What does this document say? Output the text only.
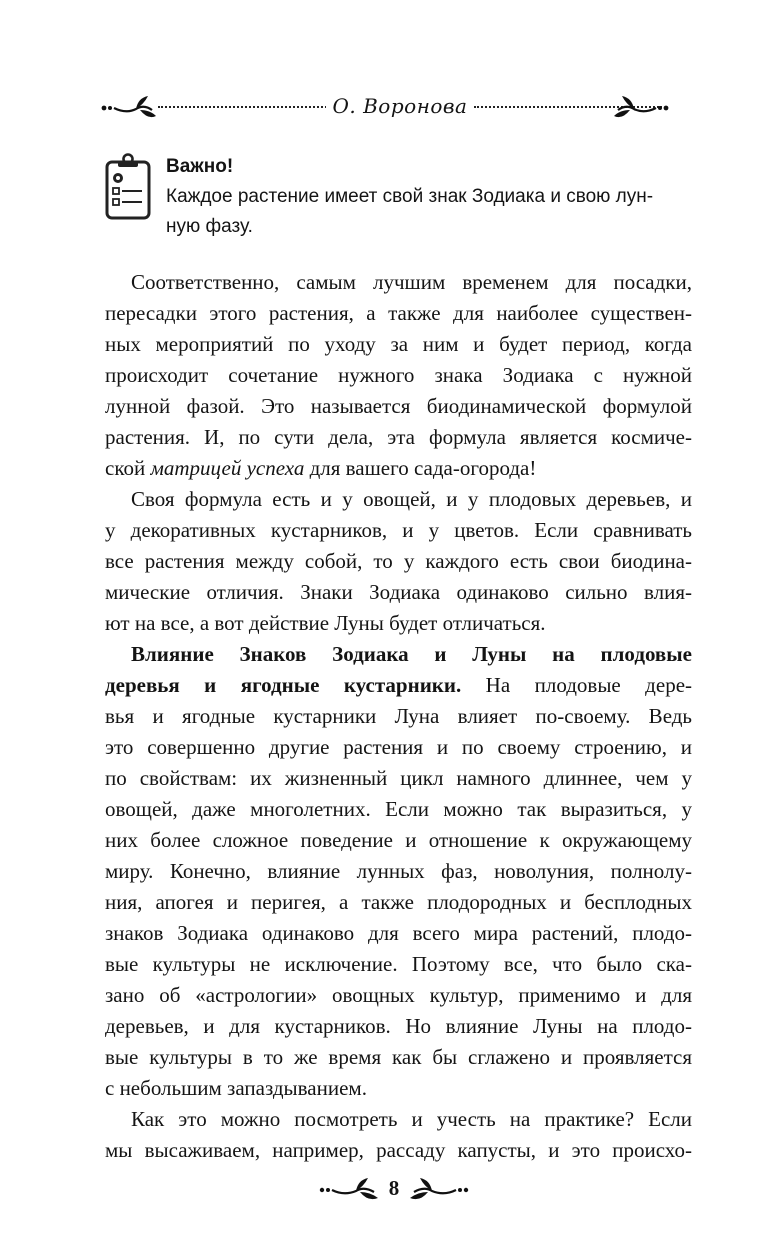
О. Воронова
Важно!
Каждое растение имеет свой знак Зодиака и свою лун-
ную фазу.
Соответственно, самым лучшим временем для посадки,
пересадки этого растения, а также для наиболее существен-
ных мероприятий по уходу за ним и будет период, когда
происходит сочетание нужного знака Зодиака с нужной
лунной фазой. Это называется биодинамической формулой
растения. И, по сути дела, эта формула является космиче-
ской матрицей успеха для вашего сада-огорода!
Своя формула есть и у овощей, и у плодовых деревьев, и
у декоративных кустарников, и у цветов. Если сравнивать
все растения между собой, то у каждого есть свои биодина-
мические отличия. Знаки Зодиака одинаково сильно влия-
ют на все, а вот действие Луны будет отличаться.
Влияние Знаков Зодиака и Луны на плодовые
деревья и ягодные кустарники. На плодовые дере-
вья и ягодные кустарники Луна влияет по-своему. Ведь
это совершенно другие растения и по своему строению, и
по свойствам: их жизненный цикл намного длиннее, чем у
овощей, даже многолетних. Если можно так выразиться, у
них более сложное поведение и отношение к окружающему
миру. Конечно, влияние лунных фаз, новолуния, полнолу-
ния, апогея и перигея, а также плодородных и бесплодных
знаков Зодиака одинаково для всего мира растений, плодо-
вые культуры не исключение. Поэтому все, что было ска-
зано об «астрологии» овощных культур, применимо и для
деревьев, и для кустарников. Но влияние Луны на плодо-
вые культуры в то же время как бы сглажено и проявляется
с небольшим запаздыванием.
Как это можно посмотреть и учесть на практике? Если
мы высаживаем, например, рассаду капусты, и это происхо-
8
